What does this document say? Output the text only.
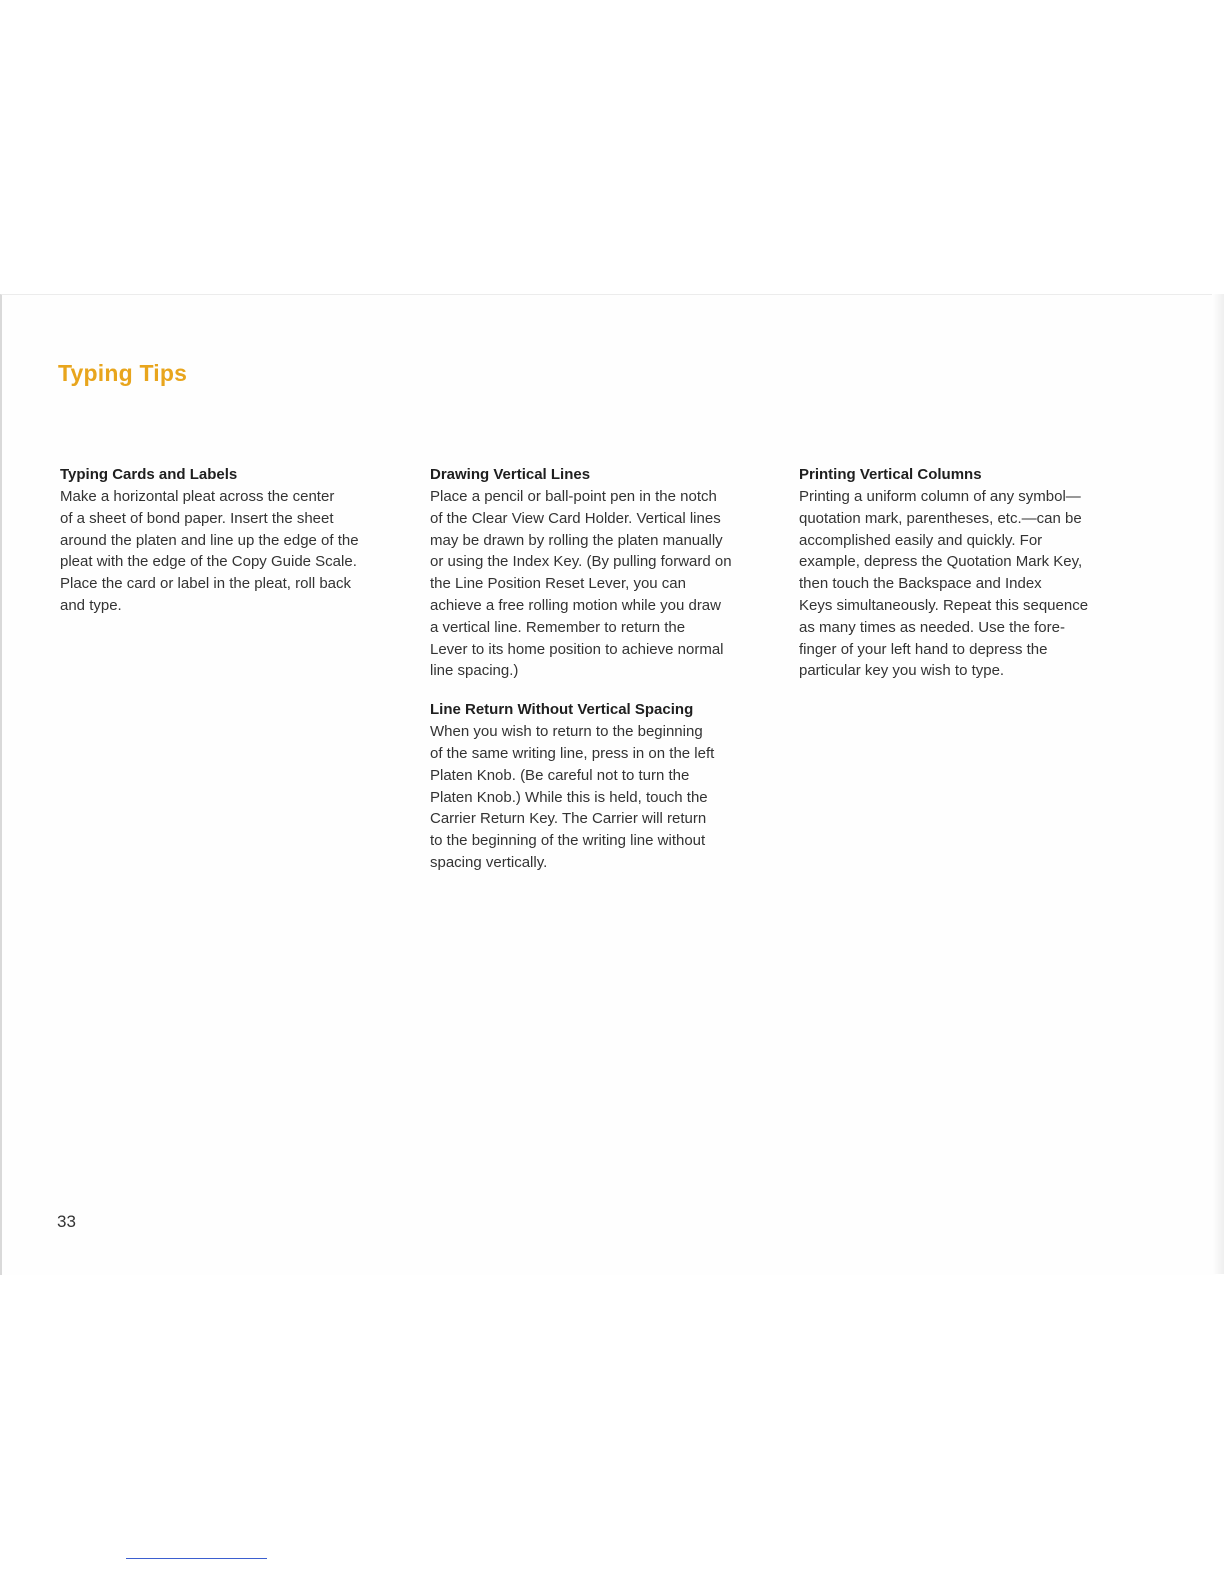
Typing Tips
Typing Cards and Labels

Make a horizontal pleat across the center
of a sheet of bond paper. Insert the sheet
around the platen and line up the edge of the
pleat with the edge of the Copy Guide Scale.
Place the card or label in the pleat, roll back
and type.

Drawing Vertical Lines

Place a pencil or ball-point pen in the notch
of the Clear View Card Holder. Vertical lines
may be drawn by rolling the platen manually
or using the Index Key. (By pulling forward on
the Line Position Reset Lever, you can
achieve a free rolling motion while you draw
a vertical line. Remember to return the
Lever to its home position to achieve normal
line spacing.)

Line Return Without Vertical Spacing

When you wish to return to the beginning
of the same writing line, press in on the left
Platen Knob. (Be careful not to turn the
Platen Knob.) While this is held, touch the
Carrier Return Key. The Carrier will return
to the beginning of the writing line without
spacing vertically.

Printing Vertical Columns

Printing a uniform column of any symbol—
quotation mark, parentheses, etc.—can be
accomplished easily and quickly. For
example, depress the Quotation Mark Key,
then touch the Backspace and Index
Keys simultaneously. Repeat this sequence
as many times as needed. Use the fore-
finger of your left hand to depress the
particular key you wish to type.

33
